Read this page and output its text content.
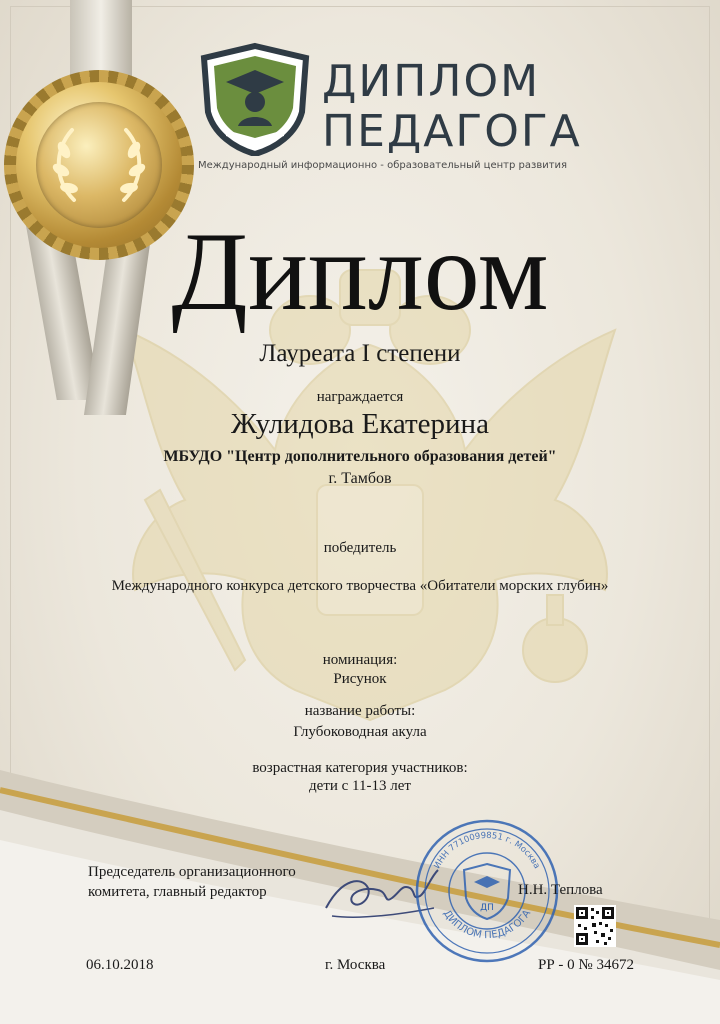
ДИПЛОМ
ПЕДАГОГА
Международный информационно - образовательный центр развития
Диплом
Лауреата I степени
награждается
Жулидова Екатерина
МБУДО "Центр дополнительного образования детей"
г. Тамбов
победитель
Международного конкурса детского творчества «Обитатели морских глубин»
номинация:
Рисунок
название работы:
Глубоководная акула
возрастная категория участников:
дети с 11-13 лет
Председатель организационного комитета, главный редактор
ИНН 7710099851 г. Москва
ДИПЛОМ ПЕДАГОГА
ДП
Н.Н. Теплова
06.10.2018	г. Москва	РР - 0 № 34672
